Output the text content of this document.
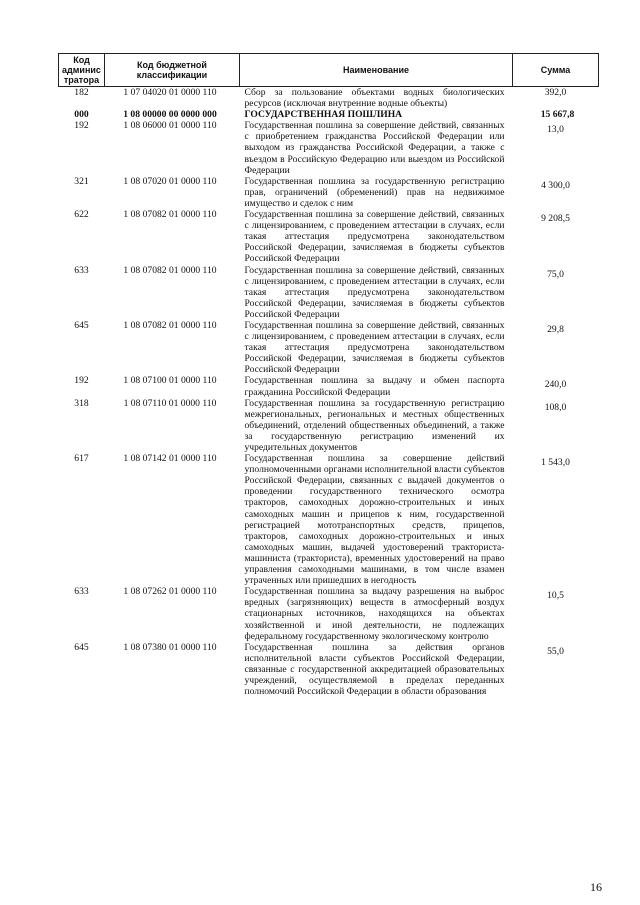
Код админис тратора	Код бюджетной классификации	Наименование	Сумма
182	1 07 04020 01 0000 110	Сбор за пользование объектами водных биологических ресурсов (исключая внутренние водные объекты)	392,0
000	1 08 00000 00 0000 000	ГОСУДАРСТВЕННАЯ ПОШЛИНА	15 667,8
192	1 08 06000 01 0000 110	Государственная пошлина за совершение действий, связанных с приобретением гражданства Российской Федерации или выходом из гражданства Российской Федерации, а также с въездом в Российскую Федерацию или выездом из Российской Федерации	13,0
321	1 08 07020 01 0000 110	Государственная пошлина за государственную регистрацию прав, ограничений (обременений) прав на недвижимое имущество и сделок с ним	4 300,0
622	1 08 07082 01 0000 110	Государственная пошлина за совершение действий, связанных с лицензированием, с проведением аттестации в случаях, если такая аттестация предусмотрена законодательством Российской Федерации, зачисляемая в бюджеты субъектов Российской Федерации	9 208,5
633	1 08 07082 01 0000 110	Государственная пошлина за совершение действий, связанных с лицензированием, с проведением аттестации в случаях, если такая аттестация предусмотрена законодательством Российской Федерации, зачисляемая в бюджеты субъектов Российской Федерации	75,0
645	1 08 07082 01 0000 110	Государственная пошлина за совершение действий, связанных с лицензированием, с проведением аттестации в случаях, если такая аттестация предусмотрена законодательством Российской Федерации, зачисляемая в бюджеты субъектов Российской Федерации	29,8
192	1 08 07100 01 0000 110	Государственная пошлина за выдачу и обмен паспорта гражданина Российской Федерации	240,0
318	1 08 07110 01 0000 110	Государственная пошлина за государственную регистрацию межрегиональных, региональных и местных общественных объединений, отделений общественных объединений, а также за государственную регистрацию изменений их учредительных документов	108,0
617	1 08 07142 01 0000 110	Государственная пошлина за совершение действий уполномоченными органами исполнительной власти субъектов Российской Федерации, связанных с выдачей документов о проведении государственного технического осмотра тракторов, самоходных дорожно-строительных и иных самоходных машин и прицепов к ним, государственной регистрацией мототранспортных средств, прицепов, тракторов, самоходных дорожно-строительных и иных самоходных машин, выдачей удостоверений тракториста-машиниста (тракториста), временных удостоверений на право управления самоходными машинами, в том числе взамен утраченных или пришедших в негодность	1 543,0
633	1 08 07262 01 0000 110	Государственная пошлина за выдачу разрешения на выброс вредных (загрязняющих) веществ в атмосферный воздух стационарных источников, находящихся на объектах хозяйственной и иной деятельности, не подлежащих федеральному государственному экологическому контролю	10,5
645	1 08 07380 01 0000 110	Государственная пошлина за действия органов исполнительной власти субъектов Российской Федерации, связанные с государственной аккредитацией образовательных учреждений, осуществляемой в пределах переданных полномочий Российской Федерации в области образования	55,0
16
